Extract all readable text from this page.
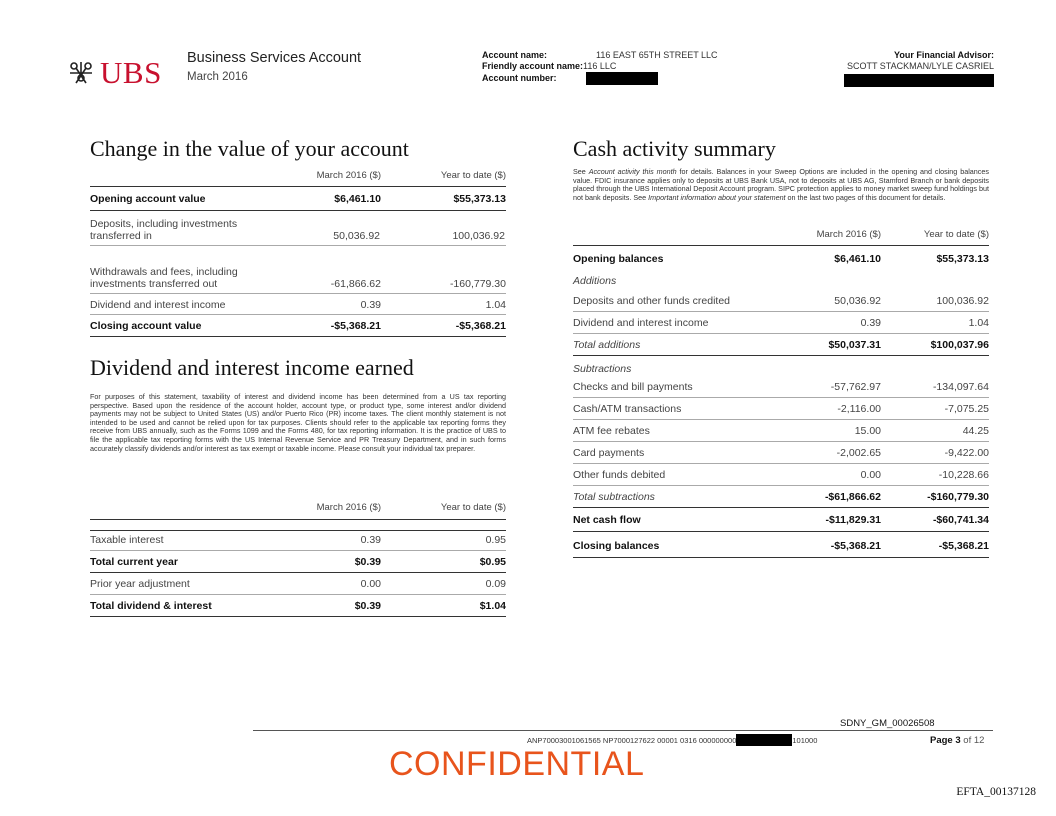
UBS Business Services Account
March 2016
Account name:	116 EAST 65TH STREET LLC
Friendly account name: 116 LLC
Account number:
Your Financial Advisor:
SCOTT STACKMAN/LYLE CASRIEL
Change in the value of your account
March 2016 ($)	Year to date ($)
Opening account value	$6,461.10	$55,373.13
Deposits, including investments transferred in	50,036.92	100,036.92
Withdrawals and fees, including investments transferred out	-61,866.62	-160,779.30
Dividend and interest income	0.39	1.04
Closing account value	-$5,368.21	-$5,368.21
Dividend and interest income earned
For purposes of this statement, taxability of interest and dividend income has been determined from a US tax reporting perspective. Based upon the residence of the account holder, account type, or product type, some interest and/or dividend payments may not be subject to United States (US) and/or Puerto Rico (PR) income taxes. The client monthly statement is not intended to be used and cannot be relied upon for tax purposes. Clients should refer to the applicable tax reporting forms they receive from UBS annually, such as the Forms 1099 and the Forms 480, for tax reporting information. It is the practice of UBS to file the applicable tax reporting forms with the US Internal Revenue Service and PR Treasury Department, and in such forms accurately classify dividends and/or interest as tax exempt or taxable income. Please consult your individual tax preparer.
March 2016 ($)	Year to date ($)
Taxable interest	0.39	0.95
Total current year	$0.39	$0.95
Prior year adjustment	0.00	0.09
Total dividend & interest	$0.39	$1.04
Cash activity summary
See Account activity this month for details. Balances in your Sweep Options are included in the opening and closing balances value. FDIC insurance applies only to deposits at UBS Bank USA, not to deposits at UBS AG, Stamford Branch or bank deposits placed through the UBS International Deposit Account program. SIPC protection applies to money market sweep fund holdings but not bank deposits. See Important information about your statement on the last two pages of this document for details.
March 2016 ($)	Year to date ($)
Opening balances	$6,461.10	$55,373.13
Additions
Deposits and other funds credited	50,036.92	100,036.92
Dividend and interest income	0.39	1.04
Total additions	$50,037.31	$100,037.96
Subtractions
Checks and bill payments	-57,762.97	-134,097.64
Cash/ATM transactions	-2,116.00	-7,075.25
ATM fee rebates	15.00	44.25
Card payments	-2,002.65	-9,422.00
Other funds debited	0.00	-10,228.66
Total subtractions	-$61,866.62	-$160,779.30
Net cash flow	-$11,829.31	-$60,741.34
Closing balances	-$5,368.21	-$5,368.21
SDNY_GM_00026508
ANP70003001061565 NP7000127622 00001 0316 000000000	101000	Page 3 of 12
CONFIDENTIAL
EFTA_00137128
